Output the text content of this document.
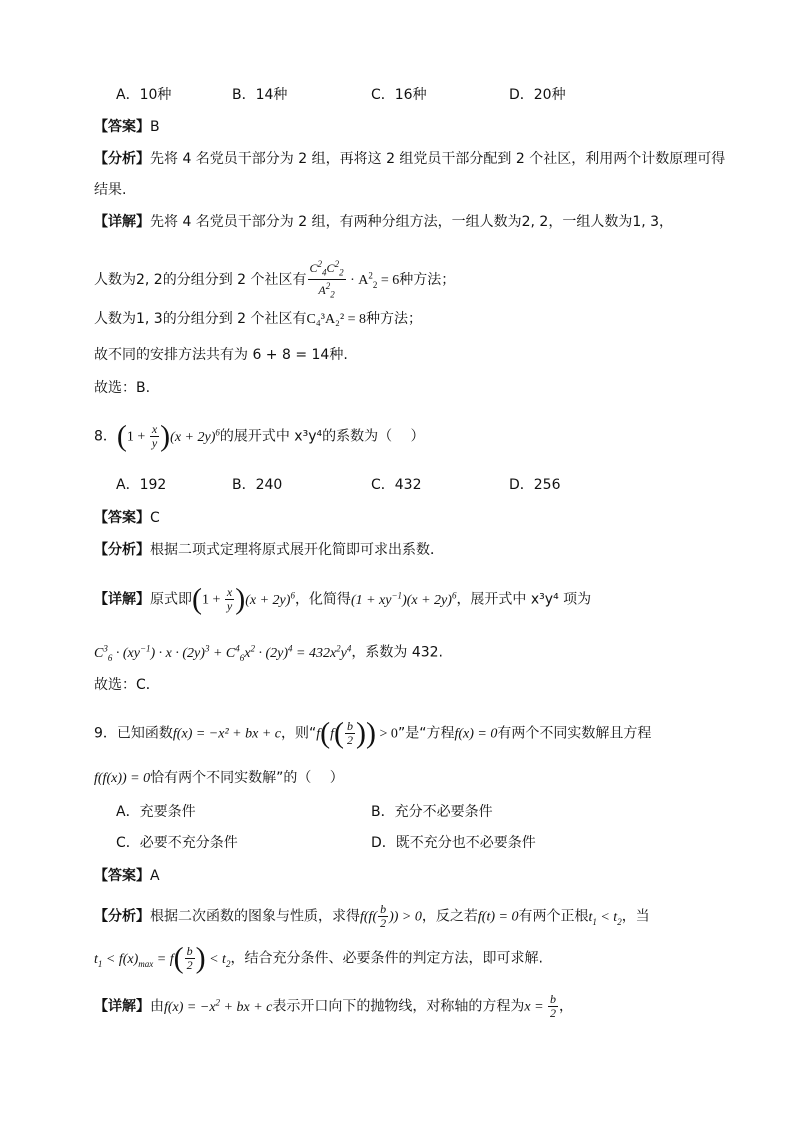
A．10种	B．14种	C．16种	D．20种
【答案】B
【分析】先将 4 名党员干部分为 2 组，再将这 2 组党员干部分配到 2 个社区，利用两个计数原理可得
结果.
【详解】先将 4 名党员干部分为 2 组，有两种分组方法，一组人数为2, 2，一组人数为1, 3，
人数为2, 2的分组分到 2 个社区有 $\frac{C^2_4C^2_2}{A^2_2} \cdot A^2_2 = 6$种方法；
人数为1, 3的分组分到 2 个社区有C₄³A₂² = 8种方法；
故不同的安排方法共有为 6 + 8 = 14种.
故选：B.
8．$(1 + \frac{x}{y} )(x + 2y)^6$的展开式中 x³y⁴的系数为（　 ）
A．192	B．240	C．432	D．256
【答案】C
【分析】根据二项式定理将原式展开化简即可求出系数．
【详解】原式即$(1 + \frac{x}{y} )(x + 2y)^6$，化简得$(1 + xy^{-1})(x + 2y)^6$，展开式中 x³y⁴ 项为
$C^3_6 \cdot (xy^{-1}) \cdot x \cdot (2y)^3 + C^4_6x^2 \cdot (2y)^4 = 432x^2y^4$，系数为 432.
故选：C．
9．已知函数f(x) = −x² + bx + c，则“$f(f( \frac{b}{2}$ )) > 0”是“方程f(x) = 0有两个不同实数解且方程
f(f(x)) = 0恰有两个不同实数解”的（　 ）
A．充要条件	B．充分不必要条件
C．必要不充分条件	D．既不充分也不必要条件
【答案】A
【分析】根据二次函数的图象与性质，求得$f(f( \frac{b}{2}$ )) > 0，反之若f(t) = 0有两个正根$t_1 < t_2$，当
$t_1 < f(x)_{max} = f( \frac{b}{2}$ ) < $t_2$，结合充分条件、必要条件的判定方法，即可求解.
【详解】由$f(x) = -x^2$ + bx + c表示开口向下的抛物线，对称轴的方程为$x = \frac{b}{2}$ ，
